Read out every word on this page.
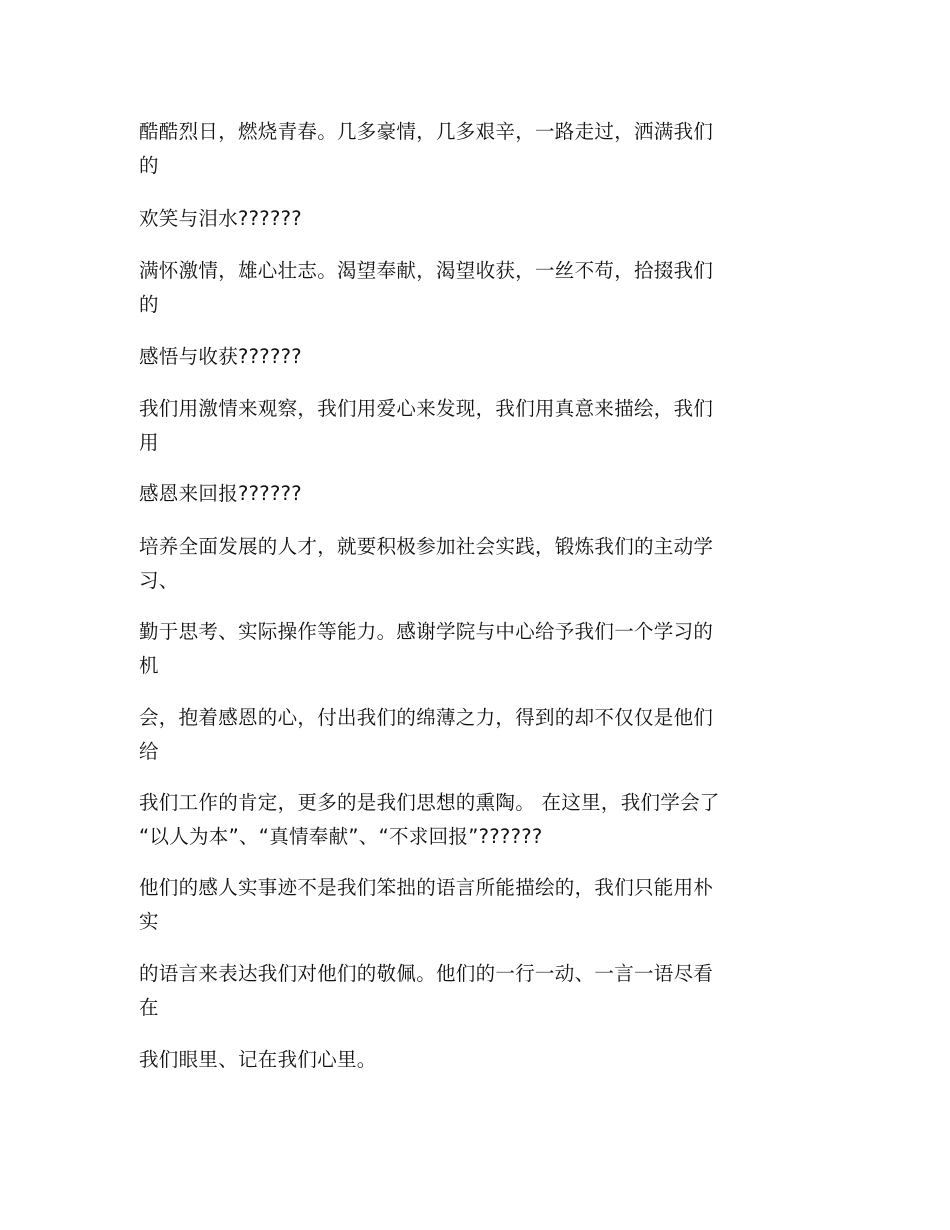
酷酷烈日，燃烧青春。几多豪情，几多艰辛，一路走过，洒满我们
的

欢笑与泪水??????

满怀激情，雄心壮志。渴望奉献，渴望收获，一丝不苟，拾掇我们
的

感悟与收获??????

我们用激情来观察，我们用爱心来发现，我们用真意来描绘，我们
用

感恩来回报??????

培养全面发展的人才，就要积极参加社会实践，锻炼我们的主动学
习、

勤于思考、实际操作等能力。感谢学院与中心给予我们一个学习的
机

会，抱着感恩的心，付出我们的绵薄之力，得到的却不仅仅是他们
给

我们工作的肯定，更多的是我们思想的熏陶。 在这里，我们学会了
“以人为本”、“真情奉献”、“不求回报”??????

他们的感人实事迹不是我们笨拙的语言所能描绘的，我们只能用朴
实

的语言来表达我们对他们的敬佩。他们的一行一动、一言一语尽看
在

我们眼里、记在我们心里。
